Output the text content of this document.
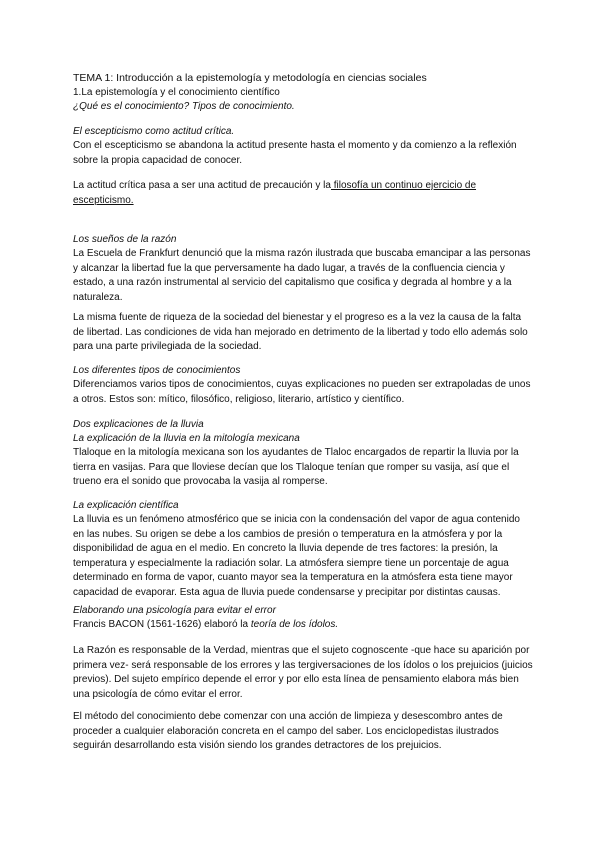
TEMA 1: Introducción a la epistemología y metodología en ciencias sociales

1.La epistemología y el conocimiento científico

¿Qué es el conocimiento? Tipos de conocimiento.

El escepticismo como actitud crítica.

Con el escepticismo se abandona la actitud presente hasta el momento y da comienzo a la reflexión sobre la propia capacidad de conocer.

La actitud crítica pasa a ser una actitud de precaución y la filosofía un continuo ejercicio de escepticismo.

Los sueños de la razón

La Escuela de Frankfurt denunció que la misma razón ilustrada que buscaba emancipar a las personas y alcanzar la libertad fue la que perversamente ha dado lugar, a través de la confluencia ciencia y estado, a una razón instrumental al servicio del capitalismo que cosifica y degrada al hombre y a la naturaleza.

La misma fuente de riqueza de la sociedad del bienestar y el progreso es a la vez la causa de la falta de libertad. Las condiciones de vida han mejorado en detrimento de la libertad y todo ello además solo para una parte privilegiada de la sociedad.

Los diferentes tipos de conocimientos

Diferenciamos varios tipos de conocimientos, cuyas explicaciones no pueden ser extrapoladas de unos a otros. Estos son: mítico, filosófico, religioso, literario, artístico y científico.

Dos explicaciones de la lluvia

La explicación de la lluvia en la mitología mexicana

Tlaloque en la mitología mexicana son los ayudantes de Tlaloc encargados de repartir la lluvia por la tierra en vasijas. Para que lloviese decían que los Tlaloque tenían que romper su vasija, así que el trueno era el sonido que provocaba la vasija al romperse.

La explicación científica

La lluvia es un fenómeno atmosférico que se inicia con la condensación del vapor de agua contenido en las nubes. Su origen se debe a los cambios de presión o temperatura en la atmósfera y por la disponibilidad de agua en el medio. En concreto la lluvia depende de tres factores: la presión, la temperatura y especialmente la radiación solar. La atmósfera siempre tiene un porcentaje de agua determinado en forma de vapor, cuanto mayor sea la temperatura en la atmósfera esta tiene mayor capacidad de evaporar. Esta agua de lluvia puede condensarse y precipitar por distintas causas.

Elaborando una psicología para evitar el error

Francis BACON (1561-1626) elaboró la teoría de los ídolos.

La Razón es responsable de la Verdad, mientras que el sujeto cognoscente -que hace su aparición por primera vez- será responsable de los errores y las tergiversaciones de los ídolos o los prejuicios (juicios previos). Del sujeto empírico depende el error y por ello esta línea de pensamiento elabora más bien una psicología de cómo evitar el error.

El método del conocimiento debe comenzar con una acción de limpieza y desescombro antes de proceder a cualquier elaboración concreta en el campo del saber. Los enciclopedistas ilustrados seguirán desarrollando esta visión siendo los grandes detractores de los prejuicios.
